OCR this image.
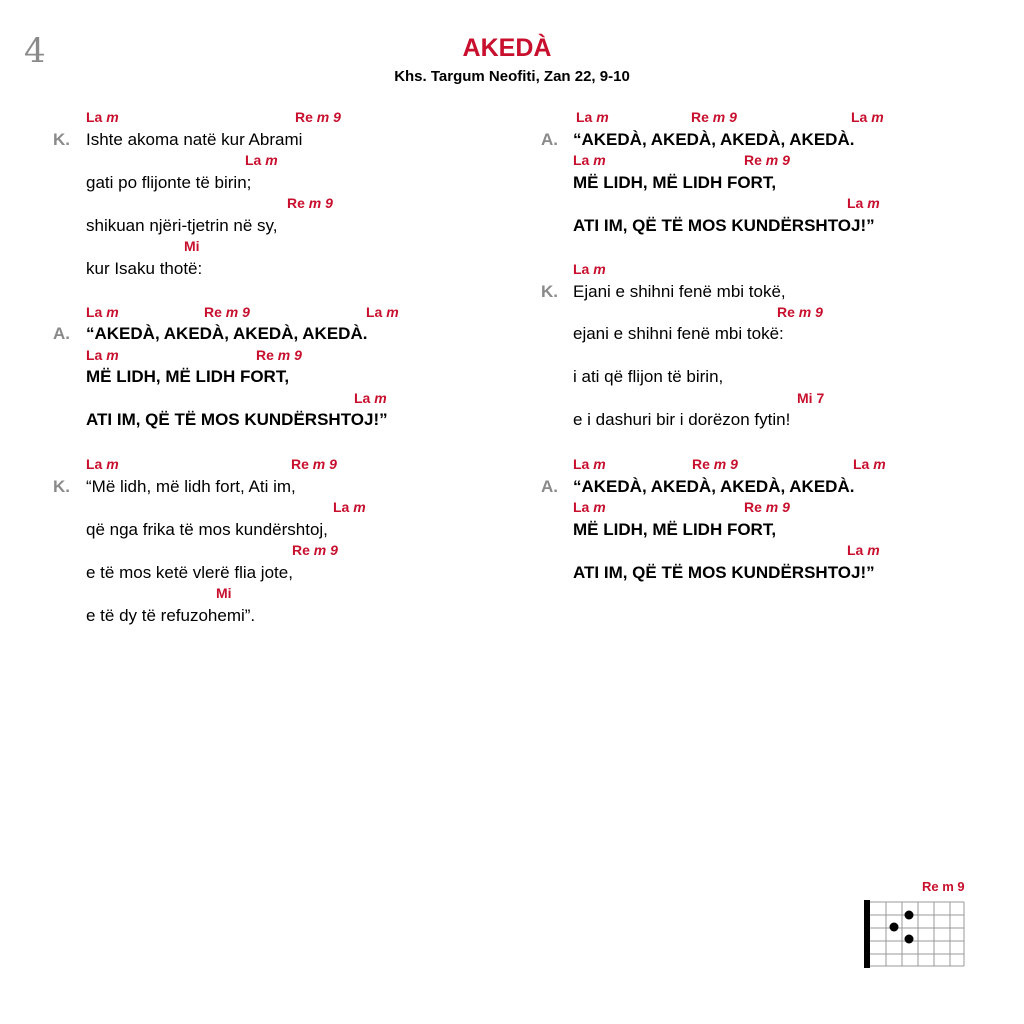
4	AKEDÀ
Khs. Targum Neofiti, Zan 22, 9-10
La m	Re m 9
K. Ishte akoma natë kur Abrami
La m
gati po flijonte të birin;
Re m 9
shikuan njëri-tjetrin në sy,
Mi
kur Isaku thotë:
La m	Re m 9	La m
A. “AKEDÀ, AKEDÀ, AKEDÀ, AKEDÀ.
La m	Re m 9
MË LIDH, MË LIDH FORT,
La m
ATI IM, QË TË MOS KUNDËRSHTOJ!”
La m	Re m 9
K. “Më lidh, më lidh fort, Ati im,
La m
që nga frika të mos kundërshtoj,
Re m 9
e të mos ketë vlerë flia jote,
Mi
e të dy të refuzohemi”.
La m	Re m 9	La m
A. “AKEDÀ, AKEDÀ, AKEDÀ, AKEDÀ.
La m	Re m 9
MË LIDH, MË LIDH FORT,
La m
ATI IM, QË TË MOS KUNDËRSHTOJ!”
La m
K. Ejani e shihni fenë mbi tokë,
Re m 9
ejani e shihni fenë mbi tokë:
i ati që flijon të birin,
Mi 7
e i dashuri bir i dorëzon fytin!
La m	Re m 9	La m
A. “AKEDÀ, AKEDÀ, AKEDÀ, AKEDÀ.
La m	Re m 9
MË LIDH, MË LIDH FORT,
La m
ATI IM, QË TË MOS KUNDËRSHTOJ!”
Re m 9
